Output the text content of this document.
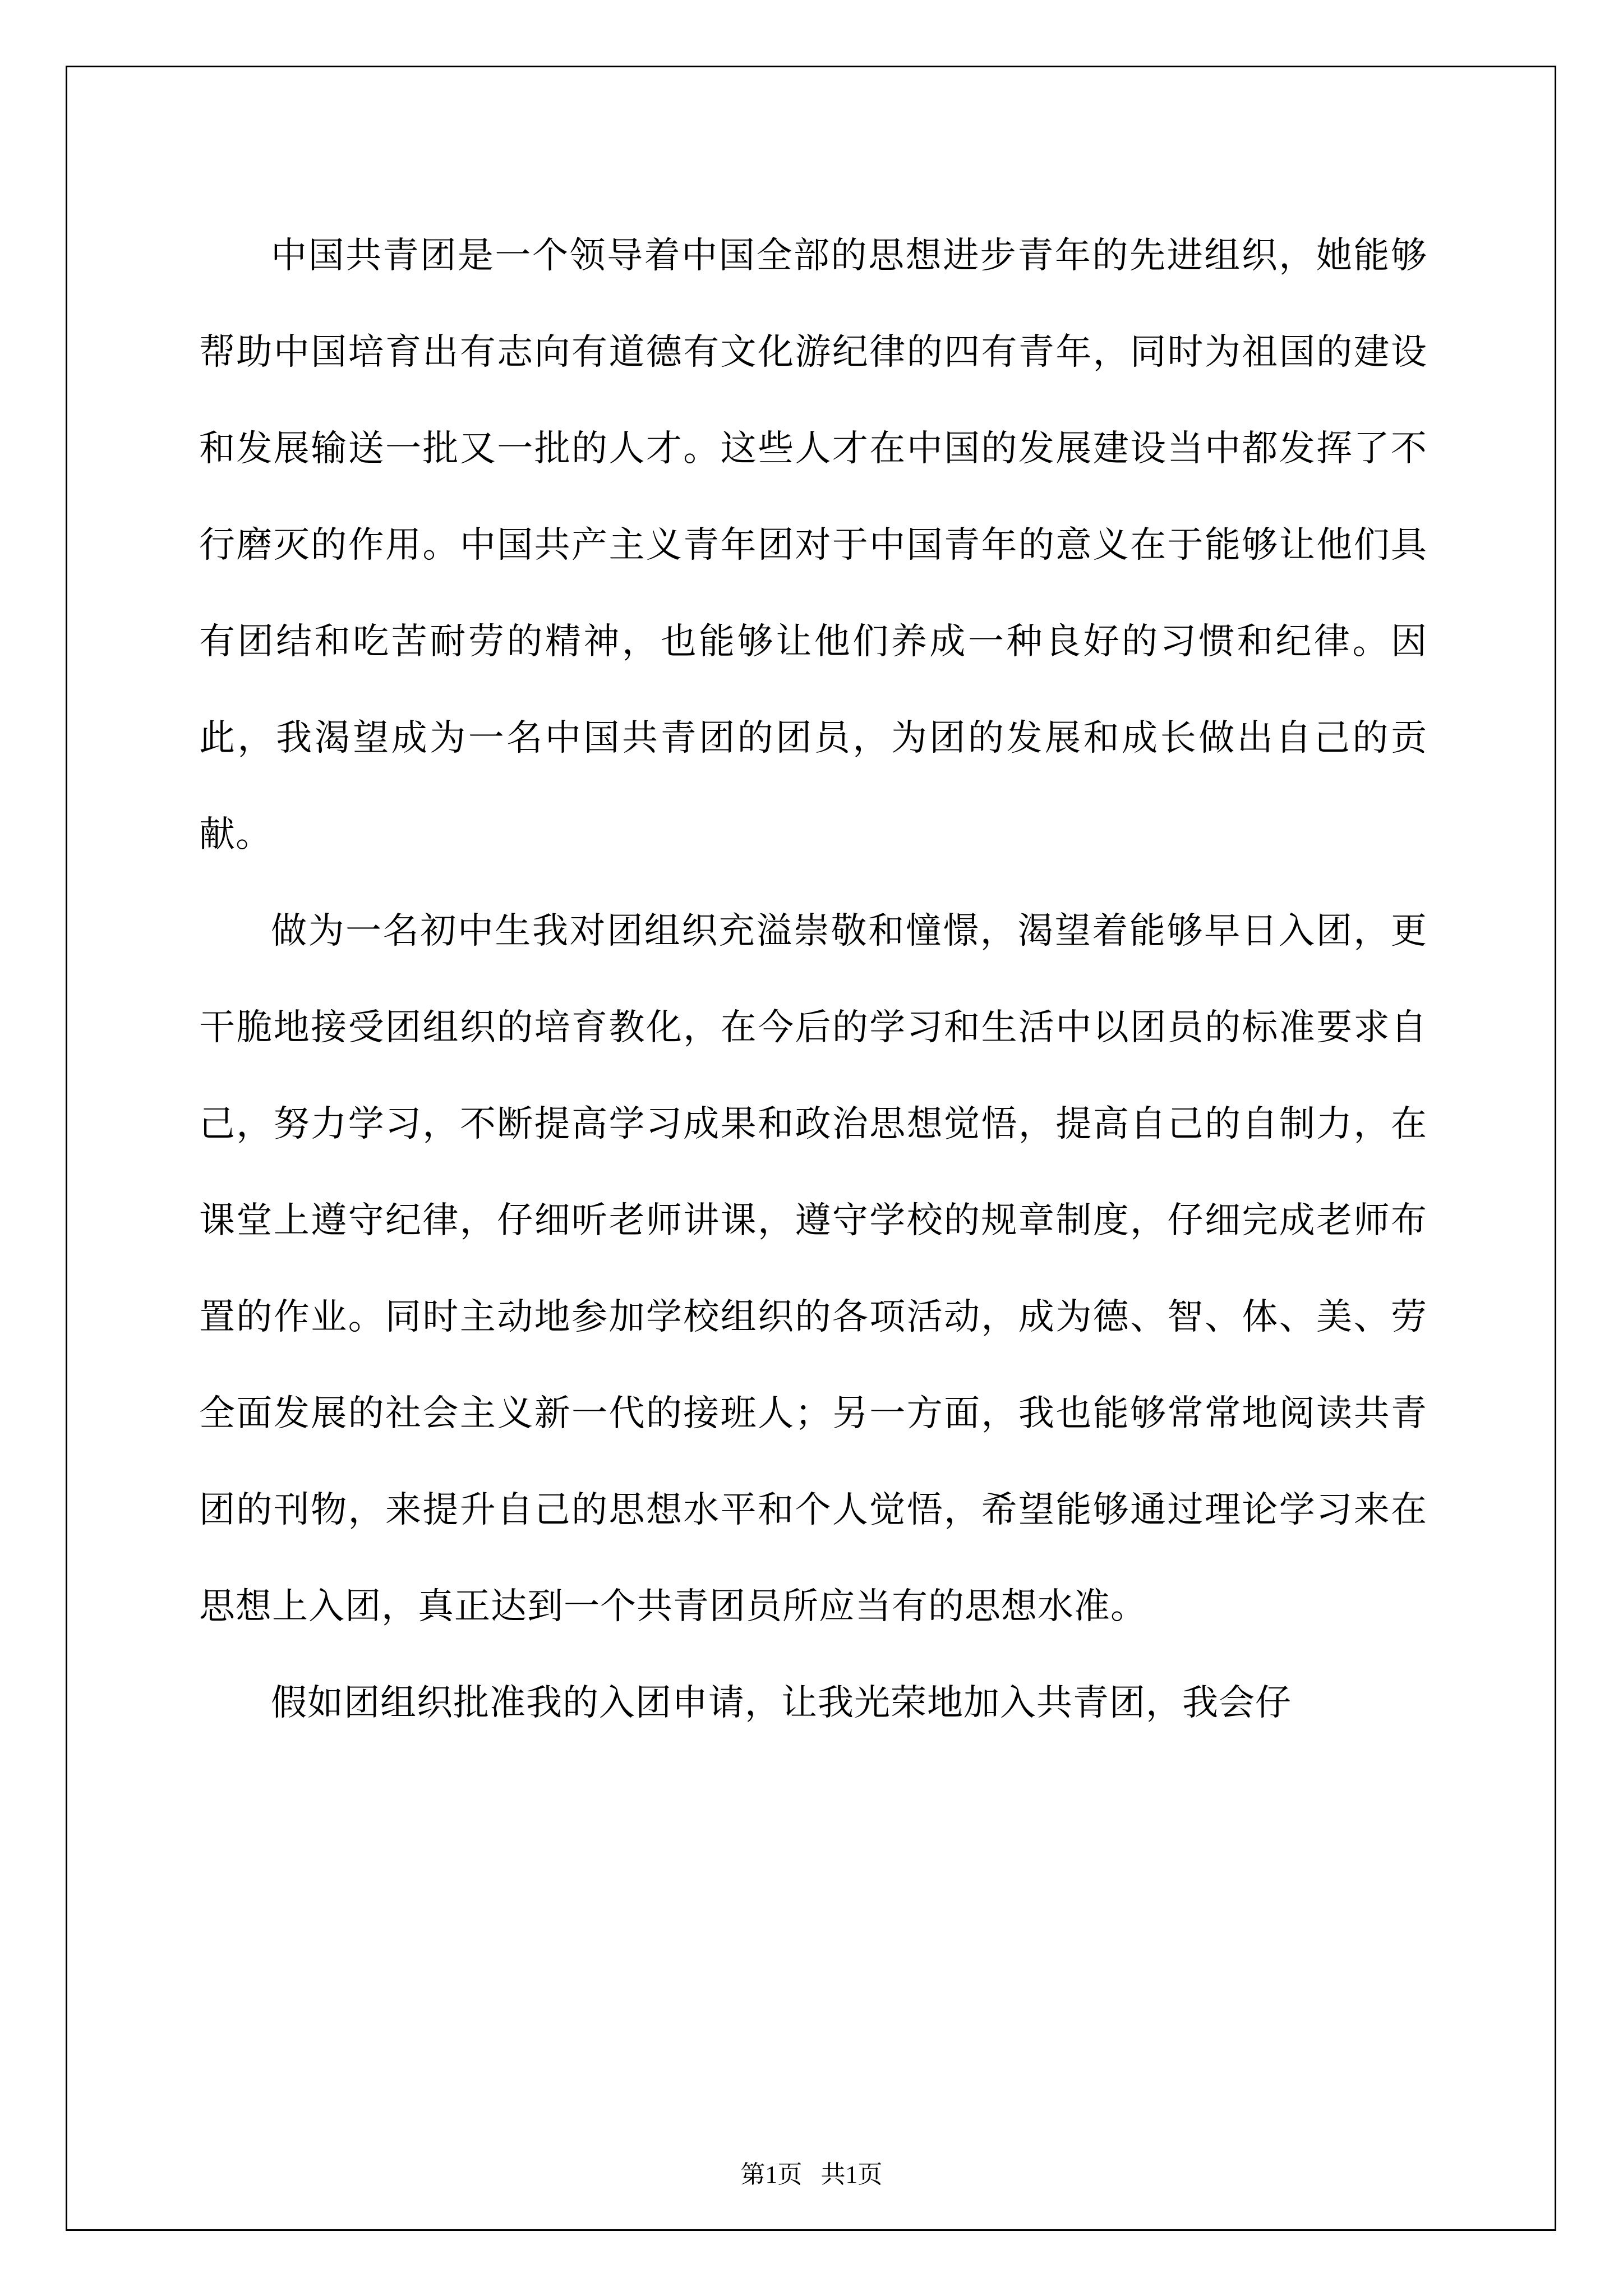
中国共青团是一个领导着中国全部的思想进步青年的先进组织，她能够帮助中国培育出有志向有道德有文化游纪律的四有青年，同时为祖国的建设和发展输送一批又一批的人才。这些人才在中国的发展建设当中都发挥了不行磨灭的作用。中国共产主义青年团对于中国青年的意义在于能够让他们具有团结和吃苦耐劳的精神，也能够让他们养成一种良好的习惯和纪律。因此，我渴望成为一名中国共青团的团员，为团的发展和成长做出自己的贡献。

做为一名初中生我对团组织充溢崇敬和憧憬，渴望着能够早日入团，更干脆地接受团组织的培育教化，在今后的学习和生活中以团员的标准要求自己，努力学习，不断提高学习成果和政治思想觉悟，提高自己的自制力，在课堂上遵守纪律，仔细听老师讲课，遵守学校的规章制度，仔细完成老师布置的作业。同时主动地参加学校组织的各项活动，成为德、智、体、美、劳全面发展的社会主义新一代的接班人；另一方面，我也能够常常地阅读共青团的刊物，来提升自己的思想水平和个人觉悟，希望能够通过理论学习来在思想上入团，真正达到一个共青团员所应当有的思想水准。

假如团组织批准我的入团申请，让我光荣地加入共青团，我会仔

第1页   共1页
